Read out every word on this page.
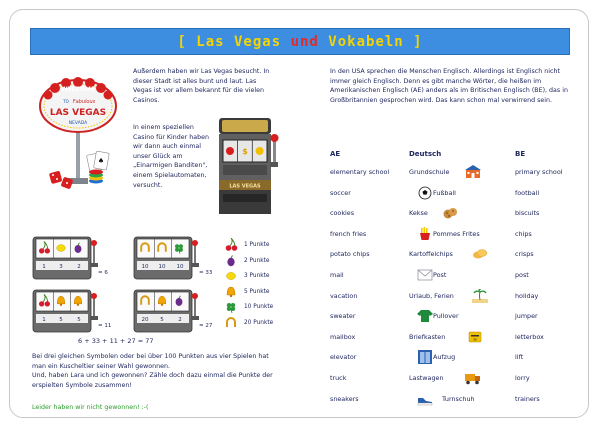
[
Las Vegas
und
Vokabeln
]
WELCOME
TO Fabulous
LAS VEGAS
NEVADA
♠

Außerdem haben wir Las Vegas besucht. In dieser Stadt ist alles bunt und laut. Las Vegas ist vor allem bekannt für die vielen Casinos.

In einem speziellen Casino für Kinder haben wir dann auch einmal unser Glück am „Einarmigen Banditen", einem Spielautomaten, versucht.

$
LAS VEGAS
1 3	2
= 6
10 10 10
= 33
1 5	5
= 11
20 5	2
= 27
1 Punkte
2 Punkte
3 Punkte
5 Punkte
10 Punkte
20 Punkte
6 + 33 + 11 + 27 = 77

Bei drei gleichen Symbolen oder bei über 100 Punkten aus vier Spielen hat man ein Kuscheltier seiner Wahl gewonnen.

Und, haben Lara und ich gewonnen? Zähle doch dazu einmal die Punkte der erspielten Symbole zusammen!

Leider haben wir nicht gewonnen! :-(

In den USA sprechen die Menschen Englisch. Allerdings ist Englisch nicht immer gleich Englisch. Denn es gibt manche Wörter, die heißen im Amerikanischen Englisch (AE) anders als im Britischen Englisch (BE), das in Großbritannien gesprochen wird. Das kann schon mal verwirrend sein.

AE	Deutsch	BE
elementary school	Grundschule	primary school
soccer	Fußball	football
cookies	Kekse	biscuits
french fries	Pommes Frites	chips
potato chips	Kartoffelchips	crisps
mail	Post	post
vacation	Urlaub, Ferien	holiday
sweater	Pullover	jumper
mailbox	Briefkasten	✉	letterbox
elevator	Aufzug	lift
truck	Lastwagen	lorry
sneakers	Turnschuh	trainers
